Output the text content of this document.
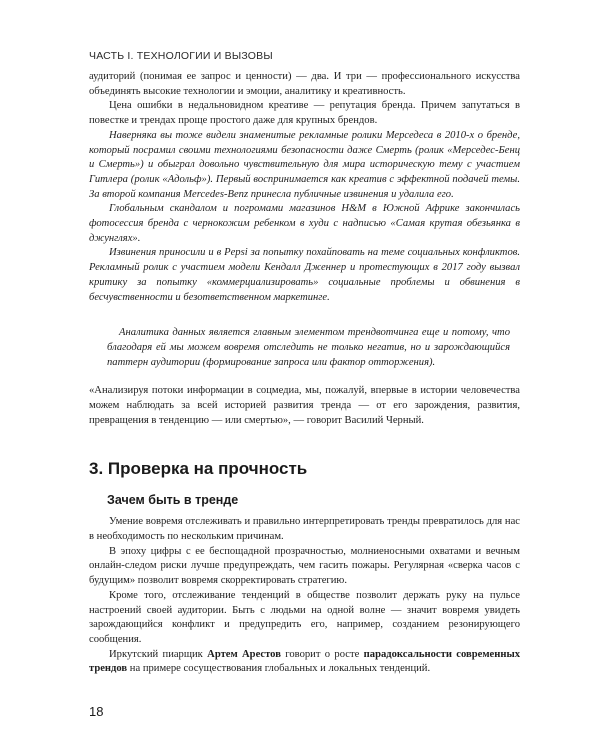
ЧАСТЬ I. ТЕХНОЛОГИИ И ВЫЗОВЫ

аудиторий (понимая ее запрос и ценности) — два. И три — профессионального искусства объединять высокие технологии и эмоции, аналитику и креативность.

Цена ошибки в недальновидном креативе — репутация бренда. Причем запутаться в повестке и трендах проще простого даже для крупных брендов.

Наверняка вы тоже видели знаменитые рекламные ролики Мерседеса в 2010-х о бренде, который посрамил своими технологиями безопасности даже Смерть (ролик «Мерседес-Бенц и Смерть») и обыграл довольно чувствительную для мира историческую тему с участием Гитлера (ролик «Адольф»). Первый воспринимается как креатив с эффектной подачей темы. За второй компания Mercedes-Benz принесла публичные извинения и удалила его.

Глобальным скандалом и погромами магазинов H&M в Южной Африке закончилась фотосессия бренда с чернокожим ребенком в худи с надписью «Самая крутая обезьянка в джунглях».

Извинения приносили и в Pepsi за попытку похайповать на теме социальных конфликтов. Рекламный ролик с участием модели Кендалл Дженнер и протестующих в 2017 году вызвал критику за попытку «коммерциализировать» социальные проблемы и обвинения в бесчувственности и безответственном маркетинге.

Аналитика данных является главным элементом трендвотчинга еще и потому, что благодаря ей мы можем вовремя отследить не только негатив, но и зарождающийся паттерн аудитории (формирование запроса или фактор отторжения).

«Анализируя потоки информации в соцмедиа, мы, пожалуй, впервые в истории человечества можем наблюдать за всей историей развития тренда — от его зарождения, развития, превращения в тенденцию — или смертью», — говорит Василий Черный.

3. Проверка на прочность
Зачем быть в тренде

Умение вовремя отслеживать и правильно интерпретировать тренды превратилось для нас в необходимость по нескольким причинам.

В эпоху цифры с ее беспощадной прозрачностью, молниеносными охватами и вечным онлайн-следом риски лучше предупреждать, чем гасить пожары. Регулярная «сверка часов с будущим» позволит вовремя скорректировать стратегию.

Кроме того, отслеживание тенденций в обществе позволит держать руку на пульсе настроений своей аудитории. Быть с людьми на одной волне — значит вовремя увидеть зарождающийся конфликт и предупредить его, например, созданием резонирующего сообщения.

Иркутский пиарщик Артем Арестов говорит о росте парадоксальности современных трендов на примере сосуществования глобальных и локальных тенденций.

18
